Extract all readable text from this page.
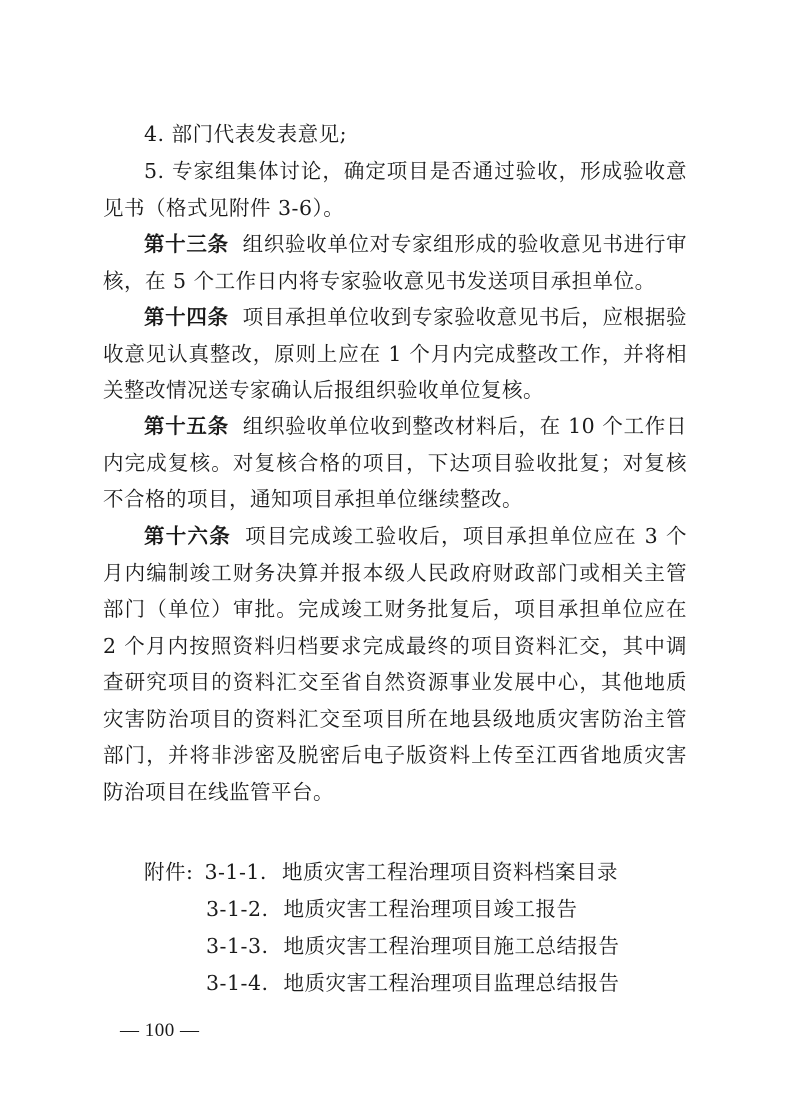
4. 部门代表发表意见;

5. 专家组集体讨论，确定项目是否通过验收，形成验收意见书（格式见附件 3-6）。

第十三条 组织验收单位对专家组形成的验收意见书进行审核，在 5 个工作日内将专家验收意见书发送项目承担单位。

第十四条 项目承担单位收到专家验收意见书后，应根据验收意见认真整改，原则上应在 1 个月内完成整改工作，并将相关整改情况送专家确认后报组织验收单位复核。

第十五条 组织验收单位收到整改材料后，在 10 个工作日内完成复核。对复核合格的项目，下达项目验收批复；对复核不合格的项目，通知项目承担单位继续整改。

第十六条 项目完成竣工验收后，项目承担单位应在 3 个月内编制竣工财务决算并报本级人民政府财政部门或相关主管部门（单位）审批。完成竣工财务批复后，项目承担单位应在 2 个月内按照资料归档要求完成最终的项目资料汇交，其中调查研究项目的资料汇交至省自然资源事业发展中心，其他地质灾害防治项目的资料汇交至项目所在地县级地质灾害防治主管部门，并将非涉密及脱密后电子版资料上传至江西省地质灾害防治项目在线监管平台。

附件: 3-1-1. 地质灾害工程治理项目资料档案目录
3-1-2. 地质灾害工程治理项目竣工报告
3-1-3. 地质灾害工程治理项目施工总结报告
3-1-4. 地质灾害工程治理项目监理总结报告
— 100 —
